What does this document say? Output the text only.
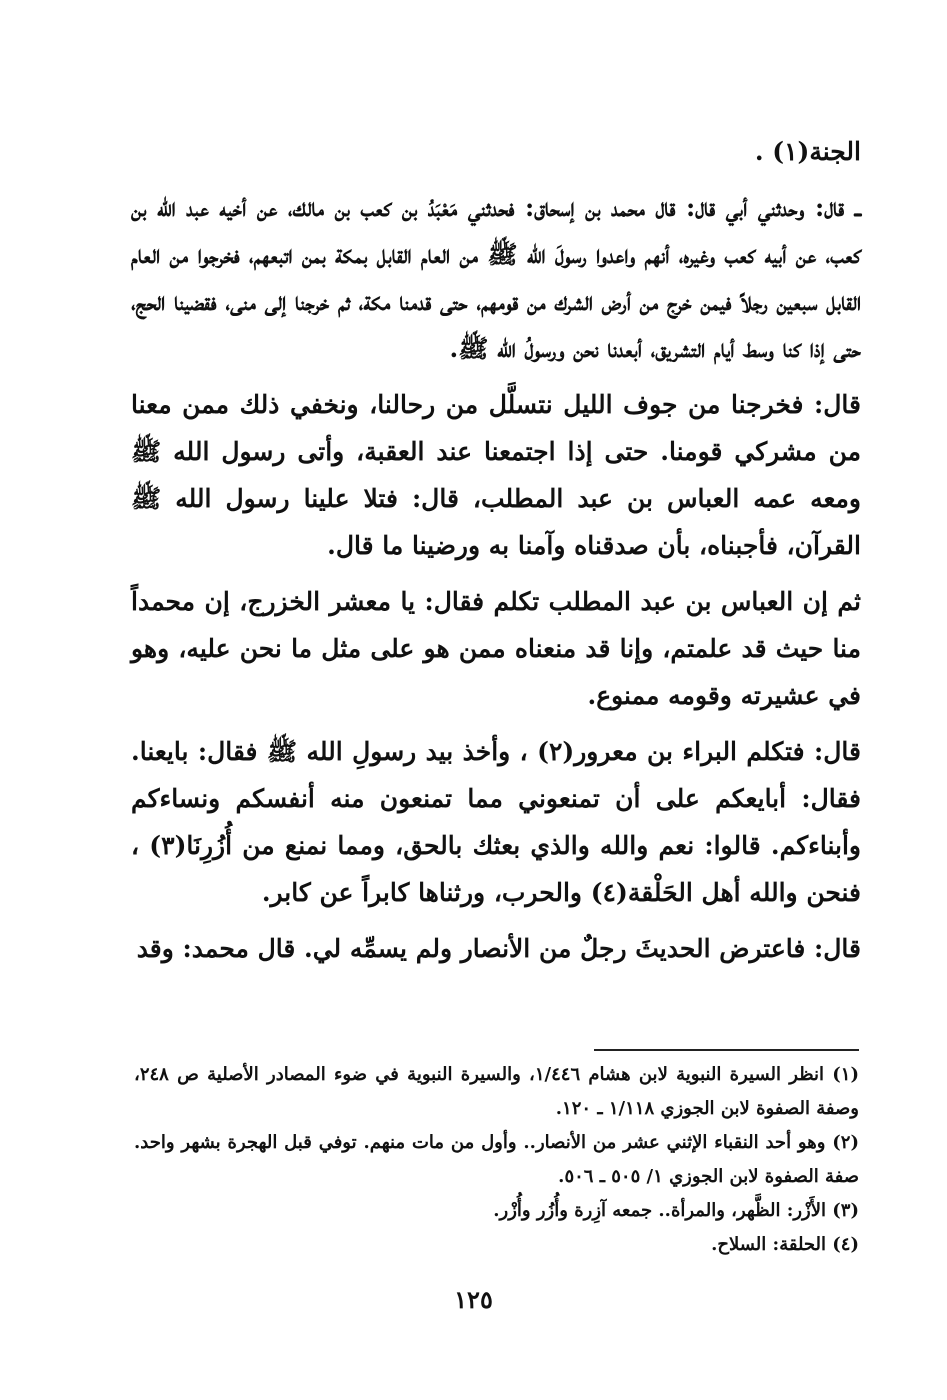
الجنة(١) .

ــ قال: وحدثني أبي قال: قال محمد بن إسحاق: فحدثني مَعْبَدُ بن كعب بن مالك، عن أخيه عبد الله بن كعب، عن أبيه كعب وغيره، أنهم واعدوا رسولَ الله ﷺ من العام القابل بمكة بمن اتبعهم، فخرجوا من العام القابل سبعين رجلاً فيمن خرج من أرض الشرك من قومهم، حتى قدمنا مكة، ثم خرجنا إلى منى، فقضينا الحج، حتى إذا كنا وسط أيام التشريق، أبعدنا نحن ورسولُ الله ﷺ.

قال: فخرجنا من جوف الليل نتسلَّل من رحالنا، ونخفي ذلك ممن معنا من مشركي قومنا. حتى إذا اجتمعنا عند العقبة، وأتى رسول الله ﷺ ومعه عمه العباس بن عبد المطلب، قال: فتلا علينا رسول الله ﷺ القرآن، فأجبناه، بأن صدقناه وآمنا به ورضينا ما قال.

ثم إن العباس بن عبد المطلب تكلم فقال: يا معشر الخزرج، إن محمداً منا حيث قد علمتم، وإنا قد منعناه ممن هو على مثل ما نحن عليه، وهو في عشيرته وقومه ممنوع.

قال: فتكلم البراء بن معرور(٢) ، وأخذ بيد رسولِ الله ﷺ فقال: بايعنا. فقال: أبايعكم على أن تمنعوني مما تمنعون منه أنفسكم ونساءكم وأبناءكم. قالوا: نعم والله والذي بعثك بالحق، ومما نمنع من أُزُرِنَا(٣) ، فنحن والله أهل الحَلْقة(٤) والحرب، ورثناها كابراً عن كابر.

قال: فاعترض الحديثَ رجلٌ من الأنصار ولم يسمِّه لي. قال محمد: وقد

(١) انظر السيرة النبوية لابن هشام ١/٤٤٦، والسيرة النبوية في ضوء المصادر الأصلية ص ٢٤٨، وصفة الصفوة لابن الجوزي ١/١١٨ ـ ١٢٠.

(٢) وهو أحد النقباء الإثني عشر من الأنصار.. وأول من مات منهم. توفي قبل الهجرة بشهر واحد. صفة الصفوة لابن الجوزي ١/ ٥٠٥ ـ ٥٠٦.

(٣) الأَزْر: الظَّهر، والمرأة.. جمعه آزِرة وأُزُر وأُزْر.

(٤) الحلقة: السلاح.

١٢٥
